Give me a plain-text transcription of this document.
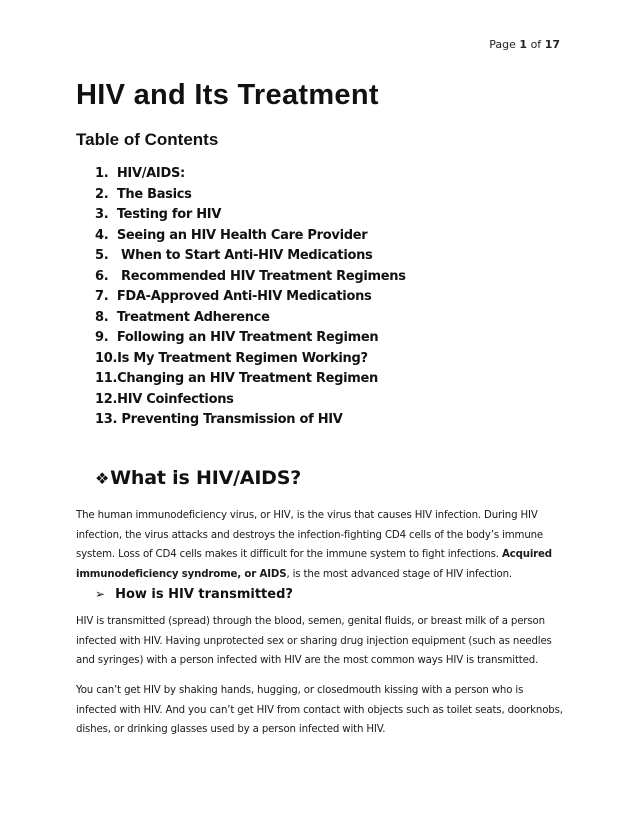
Page 1 of 17
HIV and Its Treatment
Table of Contents
1.  HIV/AIDS:
2.  The Basics
3.  Testing for HIV
4.  Seeing an HIV Health Care Provider
5.   When to Start Anti-HIV Medications
6.   Recommended HIV Treatment Regimens
7.  FDA-Approved Anti-HIV Medications
8.  Treatment Adherence
9.  Following an HIV Treatment Regimen
10.Is My Treatment Regimen Working?
11.Changing an HIV Treatment Regimen
12.HIV Coinfections
13. Preventing Transmission of HIV
❖What is HIV/AIDS?

The human immunodeficiency virus, or HIV, is the virus that causes HIV infection. During HIV infection, the virus attacks and destroys the infection-fighting CD4 cells of the body’s immune system. Loss of CD4 cells makes it difficult for the immune system to fight infections. Acquired immunodeficiency syndrome, or AIDS, is the most advanced stage of HIV infection.

➢ How is HIV transmitted?

HIV is transmitted (spread) through the blood, semen, genital fluids, or breast milk of a person infected with HIV. Having unprotected sex or sharing drug injection equipment (such as needles and syringes) with a person infected with HIV are the most common ways HIV is transmitted.

You can’t get HIV by shaking hands, hugging, or closedmouth kissing with a person who is infected with HIV. And you can’t get HIV from contact with objects such as toilet seats, doorknobs, dishes, or drinking glasses used by a person infected with HIV.
